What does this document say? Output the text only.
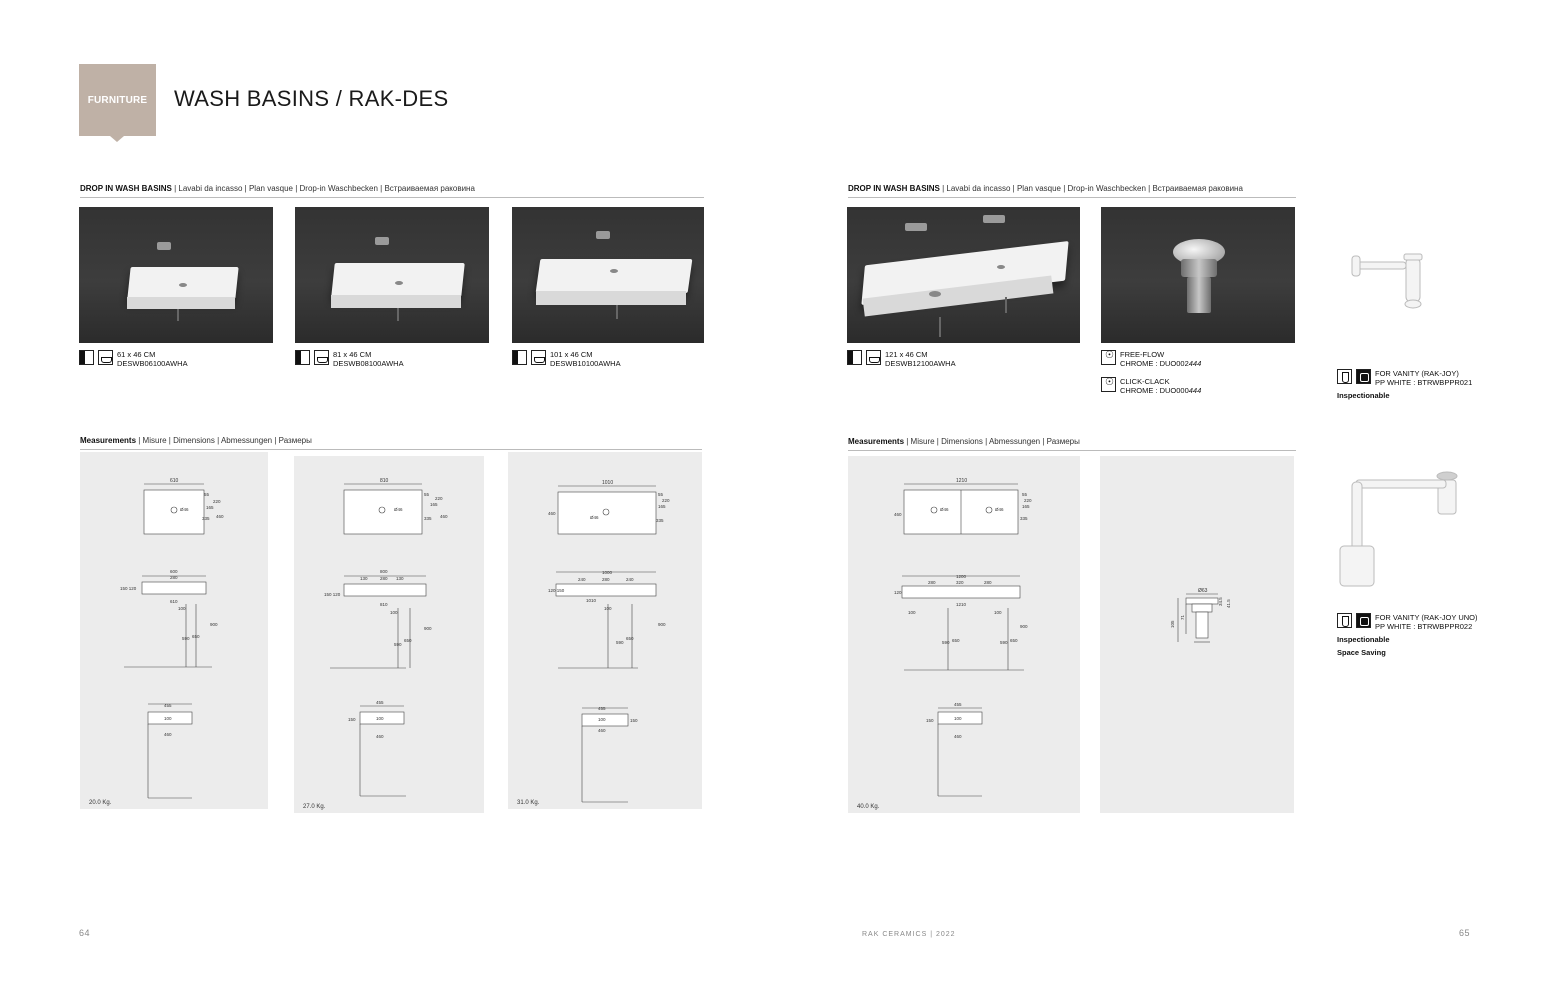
FURNITURE WASH BASINS / RAK-DES
DROP IN WASH BASINS | Lavabi da incasso | Plan vasque | Drop-in Waschbecken | Встраиваемая раковина
61 x 46 CM
DESWB06100AWHA
81 x 46 CM
DESWB08100AWHA
101 x 46 CM
DESWB10100AWHA
Measurements | Misure | Dimensions | Abmessungen | Размеры
610
Ø46
55
220
165
335 460
600
280
610
150 120
100
900
590 650
455
100
460
20.0 Kg.
810
Ø46
55
220
165
335 460
800
130	280 130
810
150 120
100
900
590
650
455
100
150
460
27.0 Kg.
1010
Ø46
55
220
165
335
460
1000
240	280	240
1010
120 150
100
900
590
650
455
100	150
460
31.0 Kg.
DROP IN WASH BASINS | Lavabi da incasso | Plan vasque | Drop-in Waschbecken | Встраиваемая раковина
121 x 46 CM
DESWB12100AWHA
☉
FREE-FLOW
CHROME : DUO002444
☉
CLICK-CLACK
CHROME : DUO000444
FOR VANITY (RAK-JOY)
PP WHITE : BTRWBPPR021
Inspectionable
FOR VANITY (RAK-JOY UNO)
PP WHITE : BTRWBPPR022
Inspectionable
Space Saving
Measurements | Misure | Dimensions | Abmessungen | Размеры
1210
Ø46	Ø46
55
220
165
335
460
1200
280	320	280
1210
120
100	100
900
590 650	590 650
455
100
150
460
40.0 Kg.
Ø63
105
71
34.5 41.5
64	RAK CERAMICS | 2022	65
